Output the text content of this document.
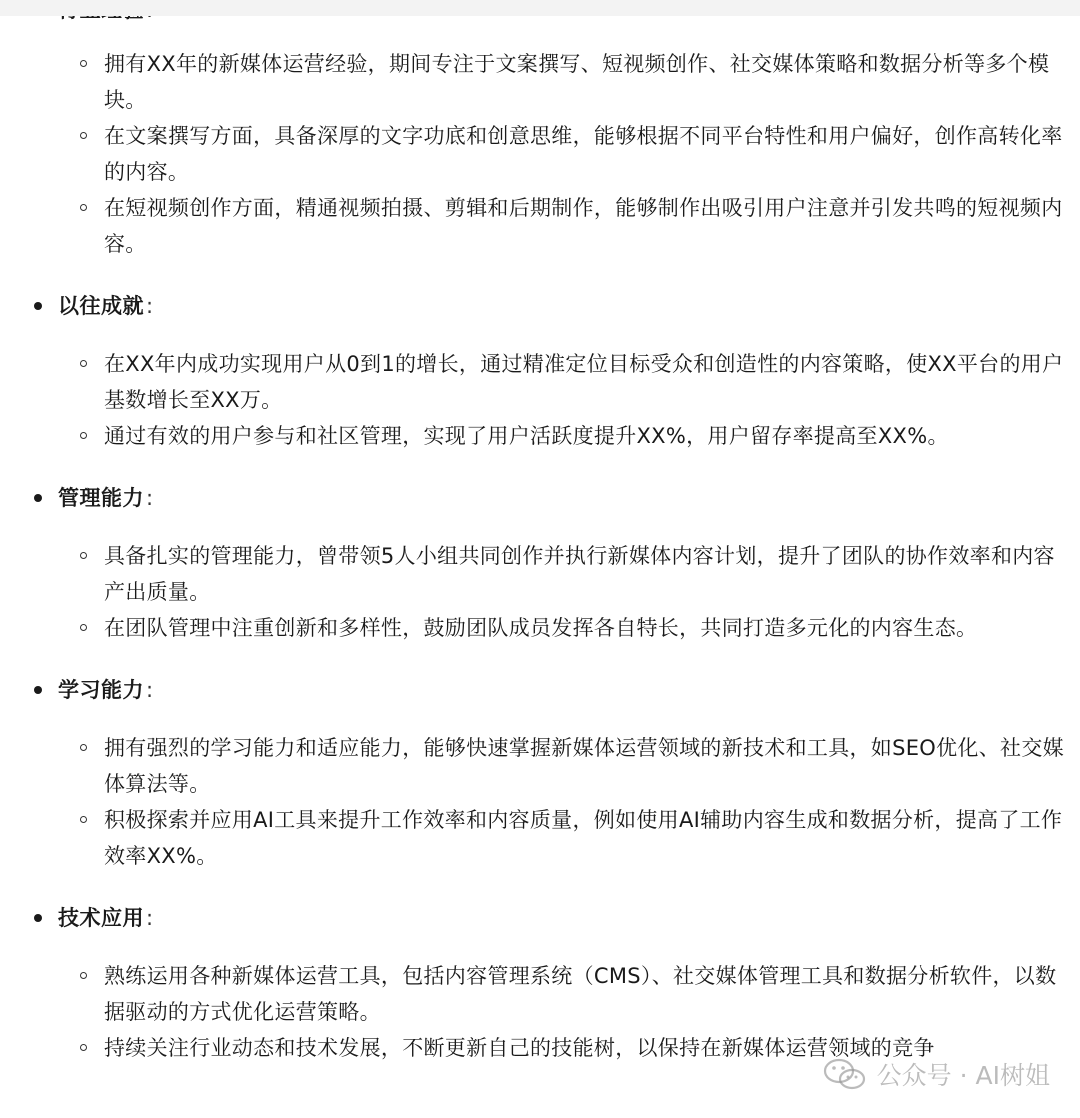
拥有XX年的新媒体运营经验，期间专注于文案撰写、短视频创作、社交媒体策略和数据分析等多个模块。
在文案撰写方面，具备深厚的文字功底和创意思维，能够根据不同平台特性和用户偏好，创作高转化率的内容。
在短视频创作方面，精通视频拍摄、剪辑和后期制作，能够制作出吸引用户注意并引发共鸣的短视频内容。
以往成就:
在XX年内成功实现用户从0到1的增长，通过精准定位目标受众和创造性的内容策略，使XX平台的用户基数增长至XX万。
通过有效的用户参与和社区管理，实现了用户活跃度提升XX%，用户留存率提高至XX%。
管理能力:
具备扎实的管理能力，曾带领5人小组共同创作并执行新媒体内容计划，提升了团队的协作效率和内容产出质量。
在团队管理中注重创新和多样性，鼓励团队成员发挥各自特长，共同打造多元化的内容生态。
学习能力:
拥有强烈的学习能力和适应能力，能够快速掌握新媒体运营领域的新技术和工具，如SEO优化、社交媒体算法等。
积极探索并应用AI工具来提升工作效率和内容质量，例如使用AI辅助内容生成和数据分析，提高了工作效率XX%。
技术应用:
熟练运用各种新媒体运营工具，包括内容管理系统（CMS）、社交媒体管理工具和数据分析软件，以数据驱动的方式优化运营策略。
持续关注行业动态和技术发展，不断更新自己的技能树，以保持在新媒体运营领域的竞争
公众号 · AI树姐
